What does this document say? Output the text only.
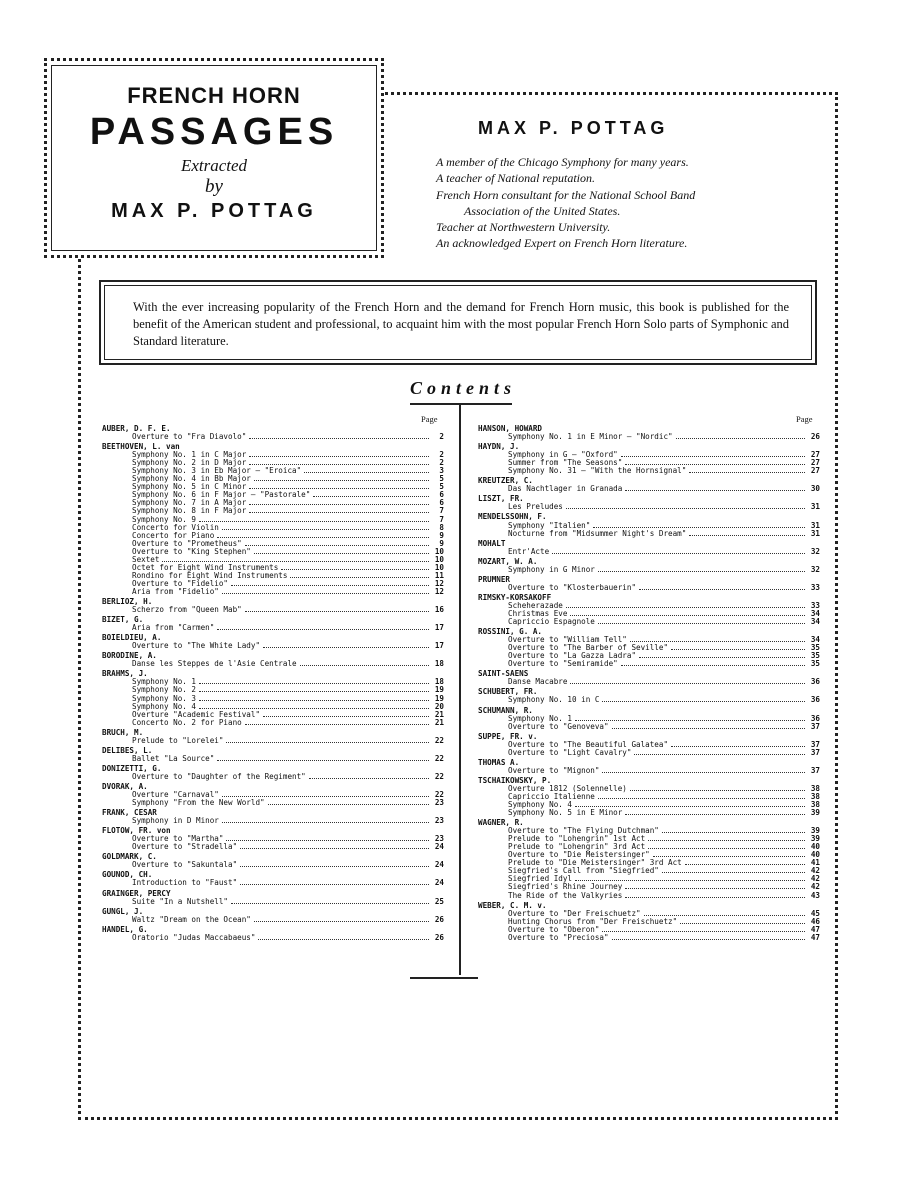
FRENCH HORN
PASSAGES
Extracted
by
MAX P. POTTAG
MAX P. POTTAG
A member of the Chicago Symphony for many years.
A teacher of National reputation.
French Horn consultant for the National School Band
Association of the United States.
Teacher at Northwestern University.
An acknowledged Expert on French Horn literature.

With the ever increasing popularity of the French Horn and the demand for French Horn music, this book is published for the benefit of the American student and professional, to acquaint him with the most popular French Horn Solo parts of Symphonic and Standard literature.

Contents
Page	Page
AUBER, D. F. E.
Overture to "Fra Diavolo"	2
BEETHOVEN, L. van
Symphony No. 1 in C Major	2
Symphony No. 2 in D Major	2
Symphony No. 3 in Eb Major — "Eroica"	3
Symphony No. 4 in Bb Major	5
Symphony No. 5 in C Minor	5
Symphony No. 6 in F Major — "Pastorale"	6
Symphony No. 7 in A Major	6
Symphony No. 8 in F Major	7
Symphony No. 9	7
Concerto for Violin	8
Concerto for Piano	9
Overture to "Prometheus"	9
Overture to "King Stephen"	10
Sextet	10
Octet for Eight Wind Instruments	10
Rondino for Eight Wind Instruments	11
Overture to "Fidelio"	12
Aria from "Fidelio"	12
BERLIOZ, H.
Scherzo from "Queen Mab"	16
BIZET, G.
Aria from "Carmen"	17
BOIELDIEU, A.
Overture to "The White Lady"	17
BORODINE, A.
Danse les Steppes de l'Asie Centrale	18
BRAHMS, J.
Symphony No. 1	18
Symphony No. 2	19
Symphony No. 3	19
Symphony No. 4	20
Overture "Academic Festival"	21
Concerto No. 2 for Piano	21
BRUCH, M.
Prelude to "Lorelei"	22
DELIBES, L.
Ballet "La Source"	22
DONIZETTI, G.
Overture to "Daughter of the Regiment"	22
DVORAK, A.
Overture "Carnaval"	22
Symphony "From the New World"	23
FRANK, CESAR
Symphony in D Minor	23
FLOTOW, FR. von
Overture to "Martha"	23
Overture to "Stradella"	24
GOLDMARK, C.
Overture to "Sakuntala"	24
GOUNOD, CH.
Introduction to "Faust"	24
GRAINGER, PERCY
Suite "In a Nutshell"	25
GUNGL, J.
Waltz "Dream on the Ocean"	26
HANDEL, G.
Oratorio "Judas Maccabaeus"	26
HANSON, HOWARD
Symphony No. 1 in E Minor — "Nordic"	26
HAYDN, J.
Symphony in G — "Oxford"	27
Summer from "The Seasons"	27
Symphony No. 31 — "With the Hornsignal"	27
KREUTZER, C.
Das Nachtlager in Granada	30
LISZT, FR.
Les Preludes	31
MENDELSSOHN, F.
Symphony "Italien"	31
Nocturne from "Midsummer Night's Dream"	31
MOHALT
Entr'Acte	32
MOZART, W. A.
Symphony in G Minor	32
PRUMNER
Overture to "Klosterbauerin"	33
RIMSKY-KORSAKOFF
Scheherazade	33
Christmas Eve	34
Capriccio Espagnole	34
ROSSINI, G. A.
Overture to "William Tell"	34
Overture to "The Barber of Seville"	35
Overture to "La Gazza Ladra"	35
Overture to "Semiramide"	35
SAINT-SAENS
Danse Macabre	36
SCHUBERT, FR.
Symphony No. 10 in C	36
SCHUMANN, R.
Symphony No. 1	36
Overture to "Genoveva"	37
SUPPE, FR. v.
Overture to "The Beautiful Galatea"	37
Overture to "Light Cavalry"	37
THOMAS A.
Overture to "Mignon"	37
TSCHAIKOWSKY, P.
Overture 1812 (Solennelle)	38
Capriccio Italienne	38
Symphony No. 4	38
Symphony No. 5 in E Minor	39
WAGNER, R.
Overture to "The Flying Dutchman"	39
Prelude to "Lohengrin" 1st Act	39
Prelude to "Lohengrin" 3rd Act	40
Overture to "Die Meistersinger"	40
Prelude to "Die Meistersinger" 3rd Act	41
Siegfried's Call from "Siegfried"	42
Siegfried Idyl	42
Siegfried's Rhine Journey	42
The Ride of the Valkyries	43
WEBER, C. M. v.
Overture to "Der Freischuetz"	45
Hunting Chorus from "Der Freischuetz"	46
Overture to "Oberon"	47
Overture to "Preciosa"	47
